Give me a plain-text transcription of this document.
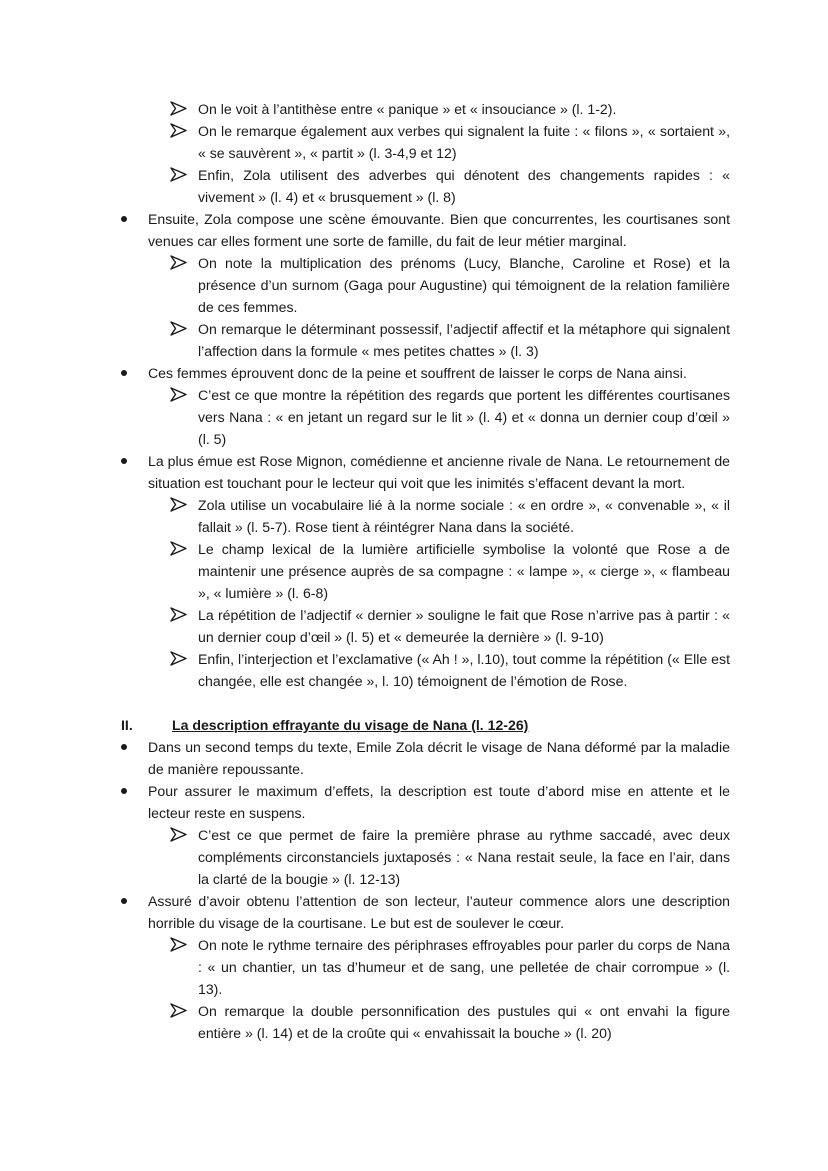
On le voit à l’antithèse entre « panique » et « insouciance » (l. 1-2).
On le remarque également aux verbes qui signalent la fuite : « filons », « sortaient », « se sauvèrent », « partit » (l. 3-4,9 et 12)
Enfin, Zola utilisent des adverbes qui dénotent des changements rapides : « vivement » (l. 4) et « brusquement » (l. 8)
Ensuite, Zola compose une scène émouvante. Bien que concurrentes, les courtisanes sont venues car elles forment une sorte de famille, du fait de leur métier marginal.
On note la multiplication des prénoms (Lucy, Blanche, Caroline et Rose) et la présence d’un surnom (Gaga pour Augustine) qui témoignent de la relation familière de ces femmes.
On remarque le déterminant possessif, l’adjectif affectif et la métaphore qui signalent l’affection dans la formule « mes petites chattes » (l. 3)
Ces femmes éprouvent donc de la peine et souffrent de laisser le corps de Nana ainsi.
C’est ce que montre la répétition des regards que portent les différentes courtisanes vers Nana : « en jetant un regard sur le lit » (l. 4) et « donna un dernier coup d’œil » (l. 5)
La plus émue est Rose Mignon, comédienne et ancienne rivale de Nana. Le retournement de situation est touchant pour le lecteur qui voit que les inimités s’effacent devant la mort.
Zola utilise un vocabulaire lié à la norme sociale : « en ordre », « convenable », « il fallait » (l. 5-7). Rose tient à réintégrer Nana dans la société.
Le champ lexical de la lumière artificielle symbolise la volonté que Rose a de maintenir une présence auprès de sa compagne : « lampe », « cierge », « flambeau », « lumière » (l. 6-8)
La répétition de l’adjectif « dernier » souligne le fait que Rose n’arrive pas à partir : « un dernier coup d’œil » (l. 5) et « demeurée la dernière » (l. 9-10)
Enfin, l’interjection et l’exclamative (« Ah ! », l.10), tout comme la répétition (« Elle est changée, elle est changée », l. 10) témoignent de l’émotion de Rose.
II.	La description effrayante du visage de Nana (l. 12-26)
Dans un second temps du texte, Emile Zola décrit le visage de Nana déformé par la maladie de manière repoussante.
Pour assurer le maximum d’effets, la description est toute d’abord mise en attente et le lecteur reste en suspens.
C’est ce que permet de faire la première phrase au rythme saccadé, avec deux compléments circonstanciels juxtaposés : « Nana restait seule, la face en l’air, dans la clarté de la bougie » (l. 12-13)
Assuré d’avoir obtenu l’attention de son lecteur, l’auteur commence alors une description horrible du visage de la courtisane. Le but est de soulever le cœur.
On note le rythme ternaire des périphrases effroyables pour parler du corps de Nana : « un chantier, un tas d’humeur et de sang, une pelletée de chair corrompue » (l. 13).
On remarque la double personnification des pustules qui « ont envahi la figure entière » (l. 14) et de la croûte qui « envahissait la bouche » (l. 20)
